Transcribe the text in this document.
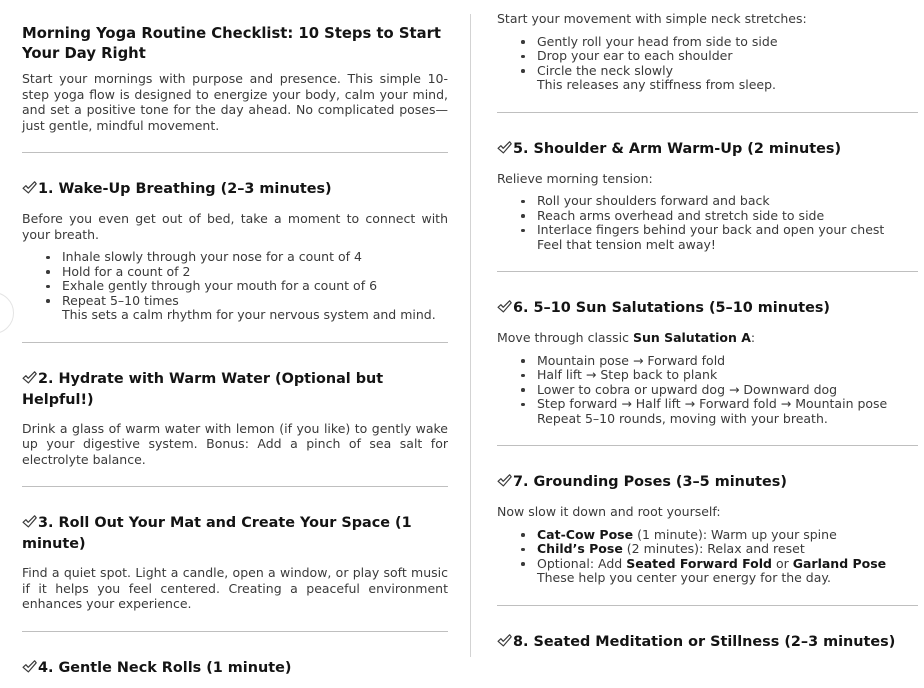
Morning Yoga Routine Checklist: 10 Steps to Start Your Day Right

Start your mornings with purpose and presence. This simple 10-step yoga flow is designed to energize your body, calm your mind, and set a positive tone for the day ahead. No complicated poses—just gentle, mindful movement.

1. Wake-Up Breathing (2–3 minutes)

Before you even get out of bed, take a moment to connect with your breath.

Inhale slowly through your nose for a count of 4
Hold for a count of 2
Exhale gently through your mouth for a count of 6
Repeat 5–10 times
This sets a calm rhythm for your nervous system and mind.
2. Hydrate with Warm Water (Optional but Helpful!)

Drink a glass of warm water with lemon (if you like) to gently wake up your digestive system. Bonus: Add a pinch of sea salt for electrolyte balance.

3. Roll Out Your Mat and Create Your Space (1 minute)

Find a quiet spot. Light a candle, open a window, or play soft music if it helps you feel centered. Creating a peaceful environment enhances your experience.

4. Gentle Neck Rolls (1 minute)

Start your movement with simple neck stretches:

Gently roll your head from side to side
Drop your ear to each shoulder
Circle the neck slowly
This releases any stiffness from sleep.
5. Shoulder & Arm Warm-Up (2 minutes)

Relieve morning tension:

Roll your shoulders forward and back
Reach arms overhead and stretch side to side
Interlace fingers behind your back and open your chest
Feel that tension melt away!
6. 5–10 Sun Salutations (5–10 minutes)

Move through classic Sun Salutation A:

Mountain pose → Forward fold
Half lift → Step back to plank
Lower to cobra or upward dog → Downward dog
Step forward → Half lift → Forward fold → Mountain pose
Repeat 5–10 rounds, moving with your breath.
7. Grounding Poses (3–5 minutes)

Now slow it down and root yourself:

Cat-Cow Pose (1 minute): Warm up your spine
Child’s Pose (2 minutes): Relax and reset
Optional: Add Seated Forward Fold or Garland Pose
These help you center your energy for the day.
8. Seated Meditation or Stillness (2–3 minutes)
